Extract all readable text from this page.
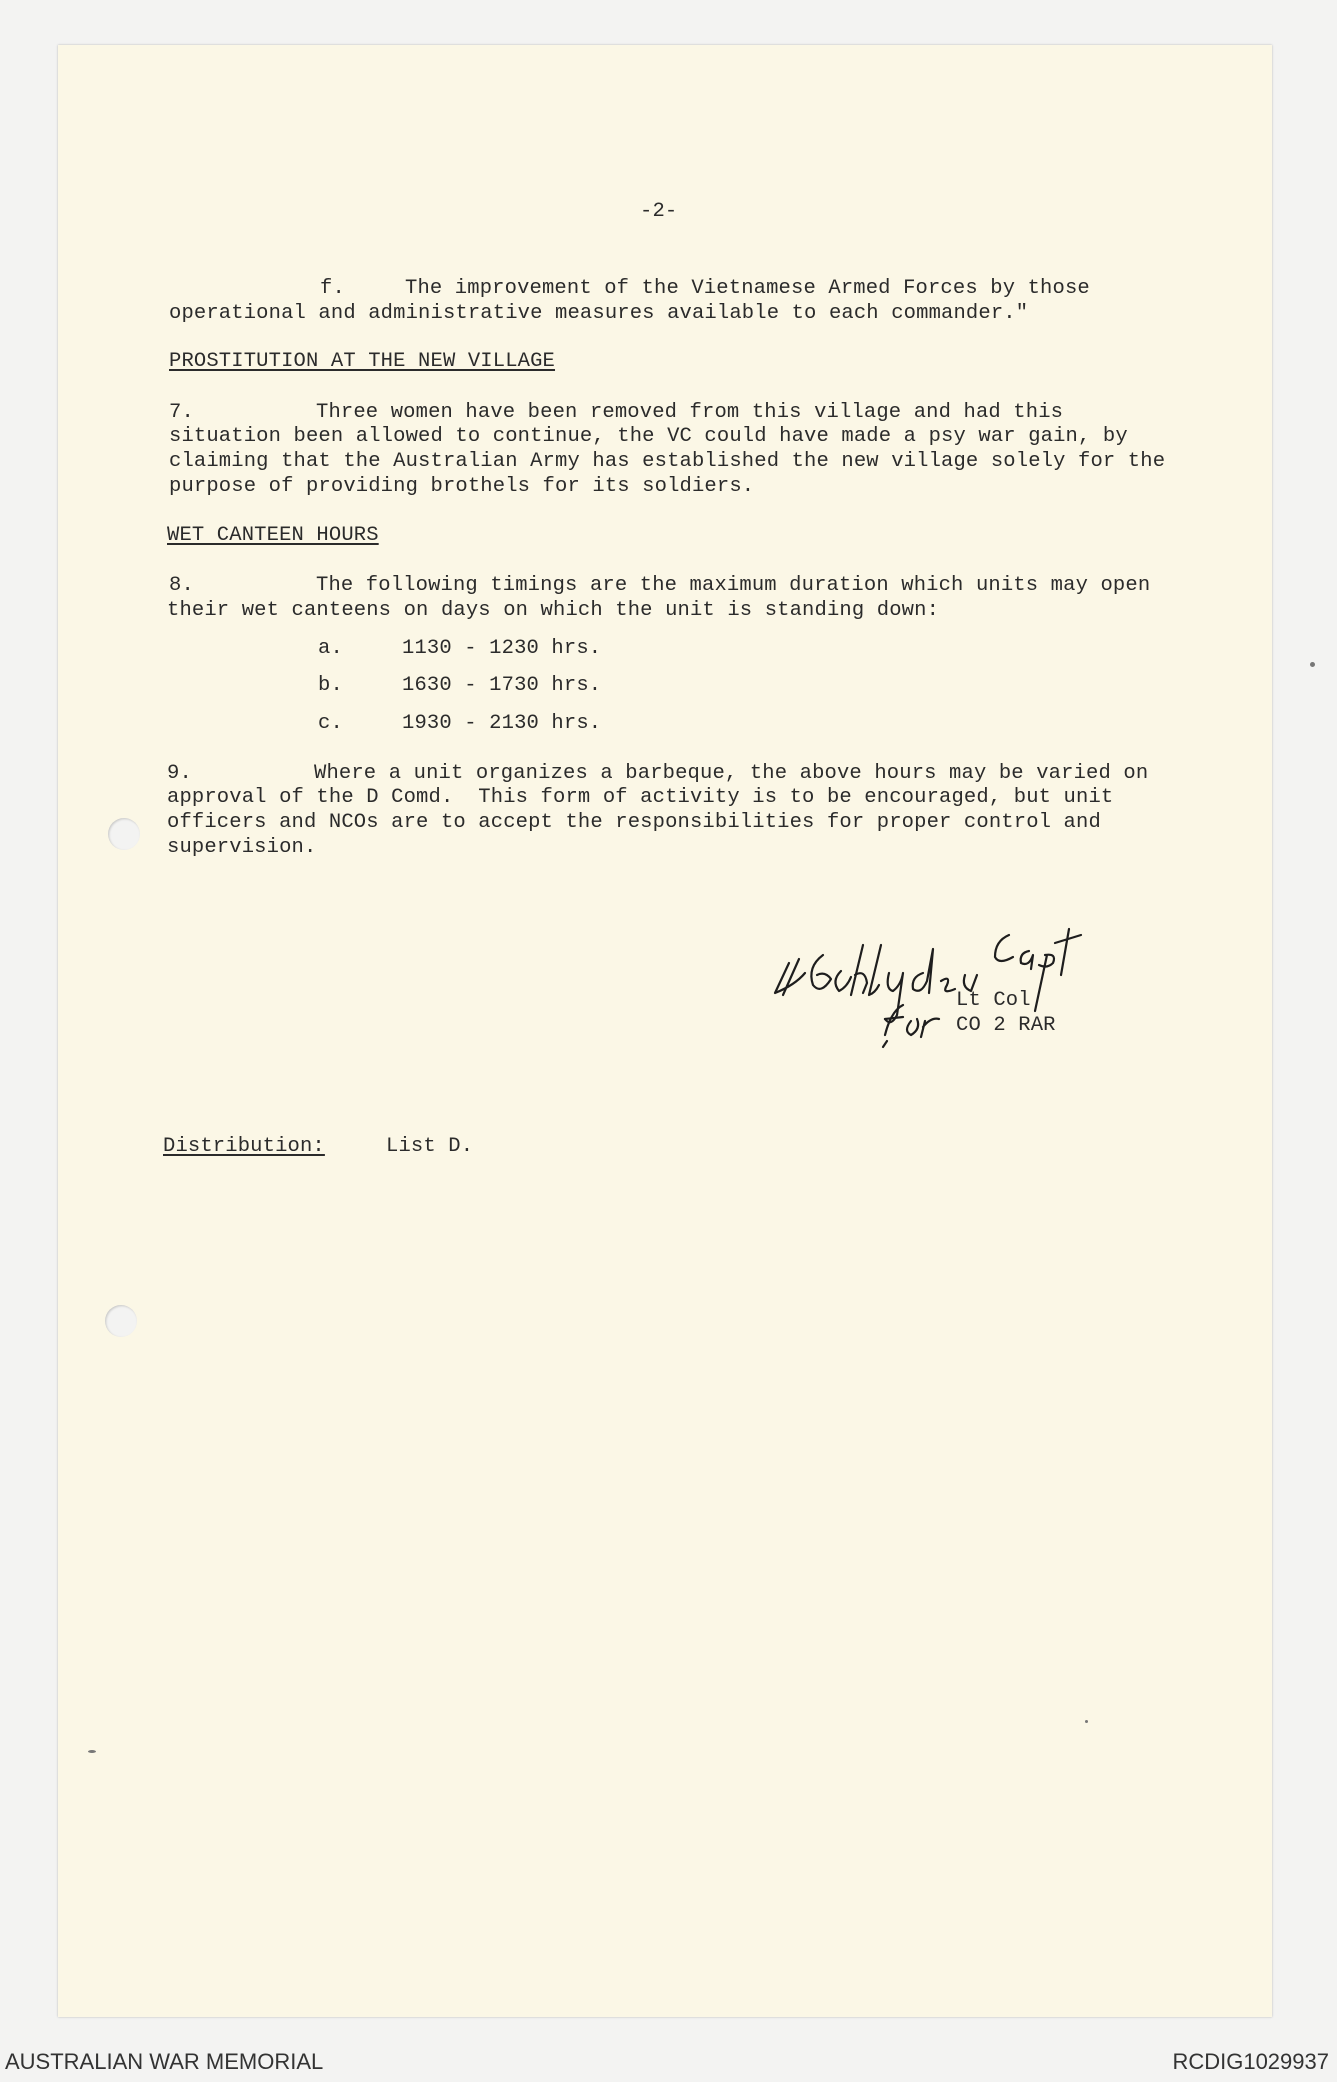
-2-
f.	The improvement of the Vietnamese Armed Forces by those
operational and administrative measures available to each commander."
PROSTITUTION AT THE NEW VILLAGE
7.	Three women have been removed from this village and had this
situation been allowed to continue, the VC could have made a psy war gain, by
claiming that the Australian Army has established the new village solely for the
purpose of providing brothels for its soldiers.
WET CANTEEN HOURS
8.	The following timings are the maximum duration which units may open
their wet canteens on days on which the unit is standing down:
a.	1130 - 1230 hrs.
b.	1630 - 1730 hrs.
c.	1930 - 2130 hrs.
9.	Where a unit organizes a barbeque, the above hours may be varied on
approval of the D Comd.  This form of activity is to be encouraged, but unit
officers and NCOs are to accept the responsibilities for proper control and
supervision.
Lt Col
CO 2 RAR
Distribution:	List D.
AUSTRALIAN WAR MEMORIAL	RCDIG1029937
